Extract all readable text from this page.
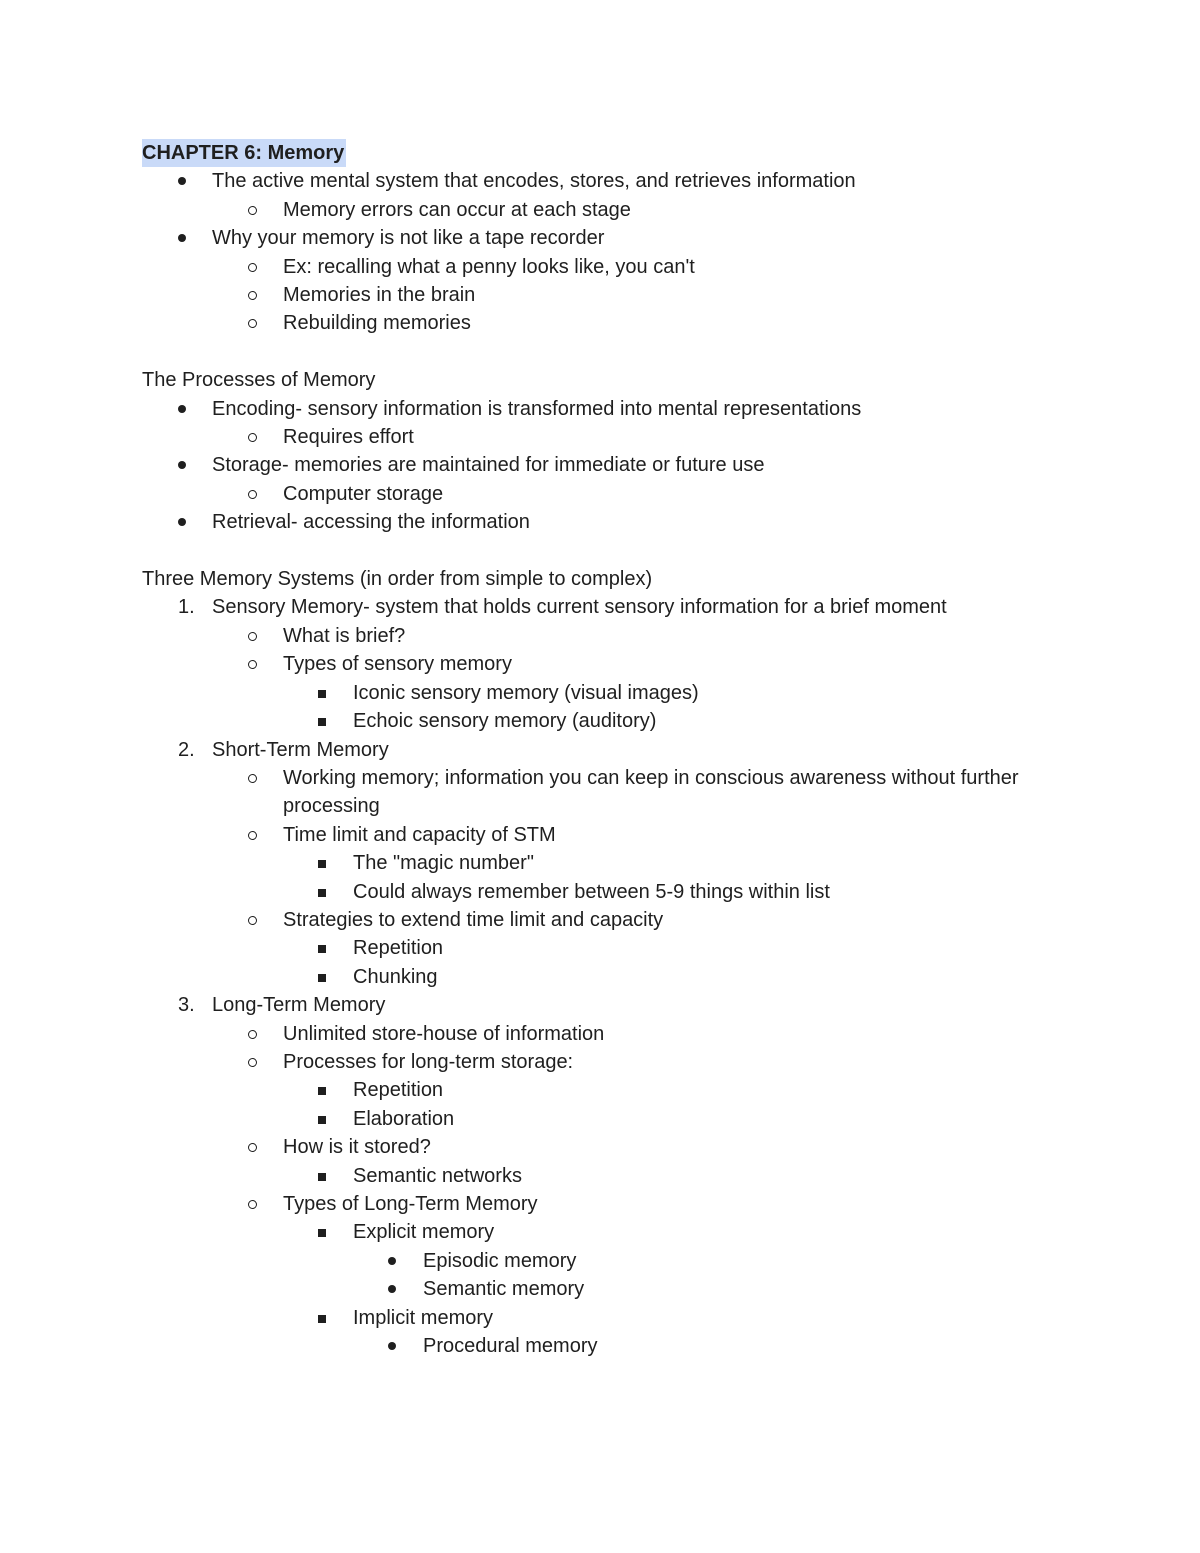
CHAPTER 6: Memory
The active mental system that encodes, stores, and retrieves information
Memory errors can occur at each stage
Why your memory is not like a tape recorder
Ex: recalling what a penny looks like, you can't
Memories in the brain
Rebuilding memories
The Processes of Memory
Encoding- sensory information is transformed into mental representations
Requires effort
Storage- memories are maintained for immediate or future use
Computer storage
Retrieval- accessing the information
Three Memory Systems (in order from simple to complex)
1. Sensory Memory- system that holds current sensory information for a brief moment
What is brief?
Types of sensory memory
Iconic sensory memory (visual images)
Echoic sensory memory (auditory)
2. Short-Term Memory
Working memory; information you can keep in conscious awareness without further processing
Time limit and capacity of STM
The "magic number"
Could always remember between 5-9 things within list
Strategies to extend time limit and capacity
Repetition
Chunking
3. Long-Term Memory
Unlimited store-house of information
Processes for long-term storage:
Repetition
Elaboration
How is it stored?
Semantic networks
Types of Long-Term Memory
Explicit memory
Episodic memory
Semantic memory
Implicit memory
Procedural memory
